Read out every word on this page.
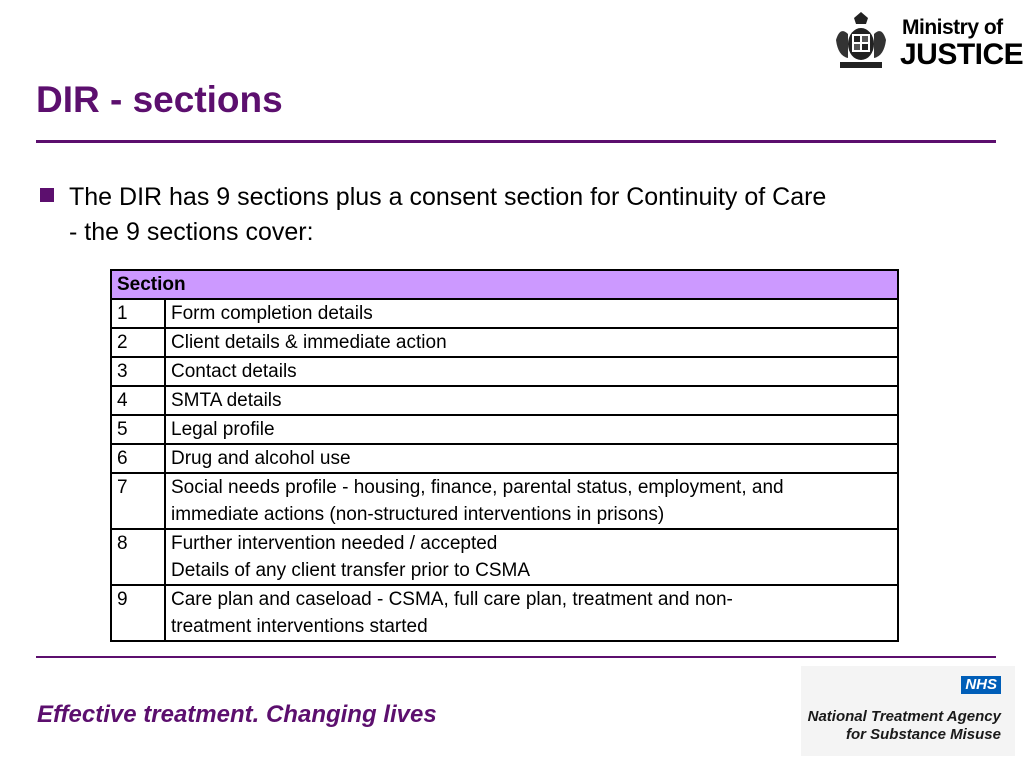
DIR - sections
Ministry of
JUSTICE
The DIR has 9 sections plus a consent section for Continuity of Care
- the 9 sections cover:
Section	
1	Form completion details

2	Client details & immediate action

3	Contact details

4	SMTA details

5	Legal profile

6	Drug and alcohol use

7	Social needs profile - housing, finance, parental status, employment, and
immediate actions (non-structured interventions in prisons)

8	Further intervention needed / accepted
Details of any client transfer prior to CSMA

9	Care plan and caseload - CSMA, full care plan, treatment and non-
treatment interventions started
Effective treatment. Changing lives
NHS
National Treatment Agency
for Substance Misuse
